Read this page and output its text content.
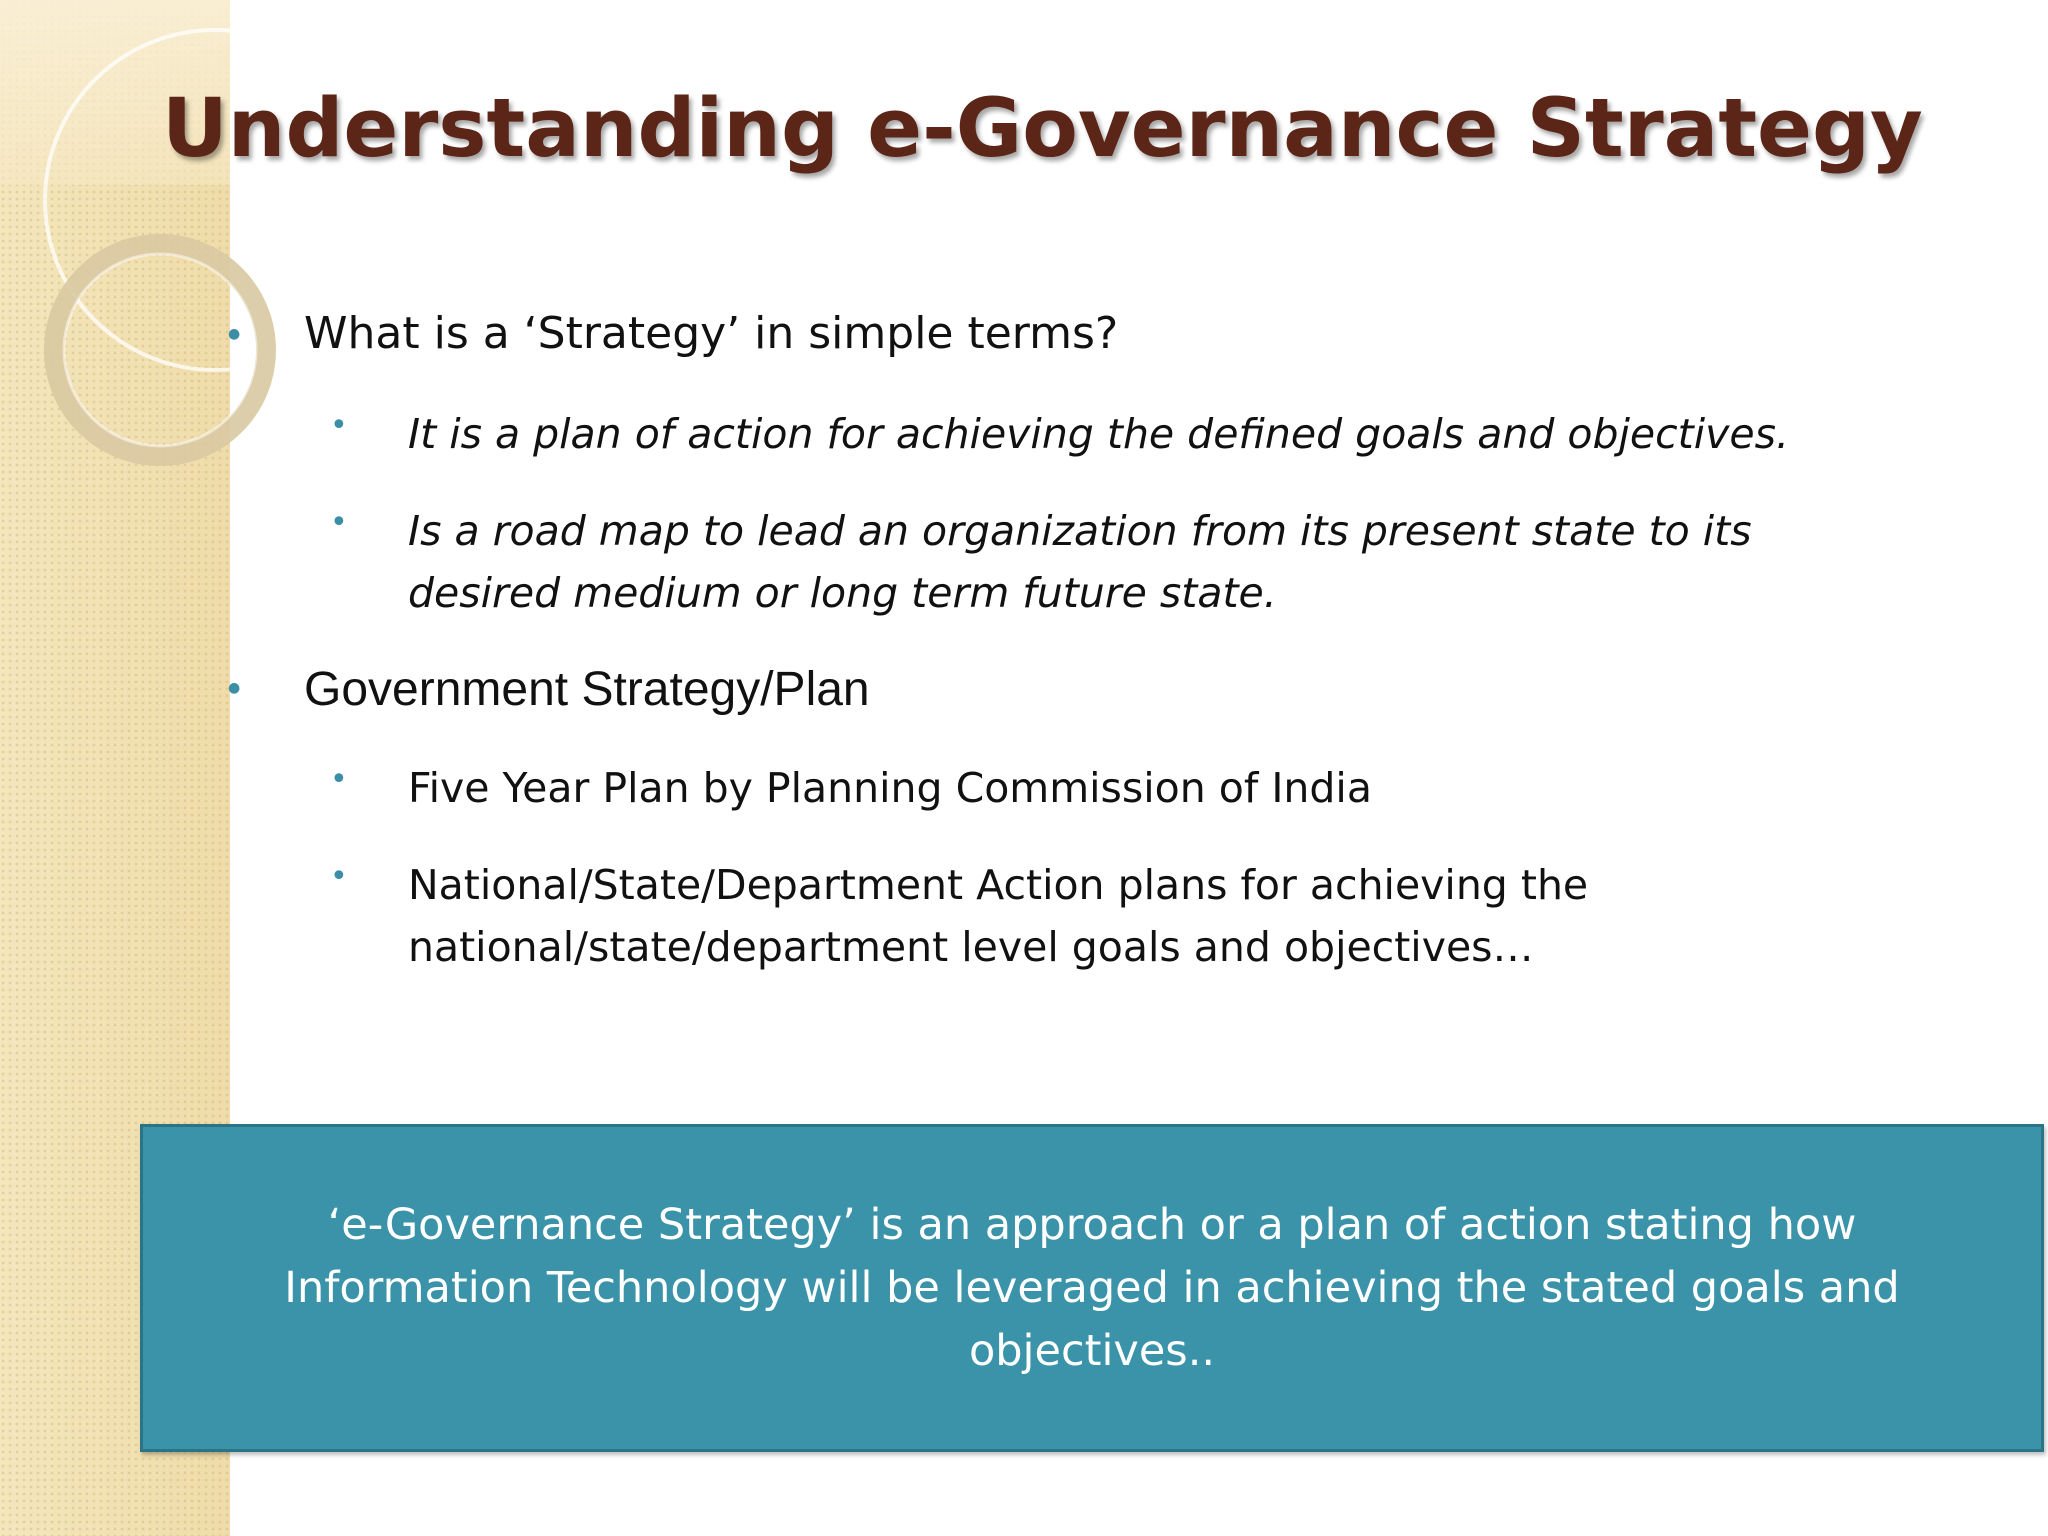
Understanding e-Governance Strategy
● What is a ‘Strategy’ in simple terms?
• It is a plan of action for achieving the defined goals and objectives.
• Is a road map to lead an organization from its present state to its desired medium or long term future state.
● Government Strategy/Plan
• Five Year Plan by Planning Commission of India
• National/State/Department Action plans for achieving the national/state/department level goals and objectives…
‘e-Governance Strategy’ is an approach or a plan of action stating how Information Technology will be leveraged in achieving the stated goals and objectives..
